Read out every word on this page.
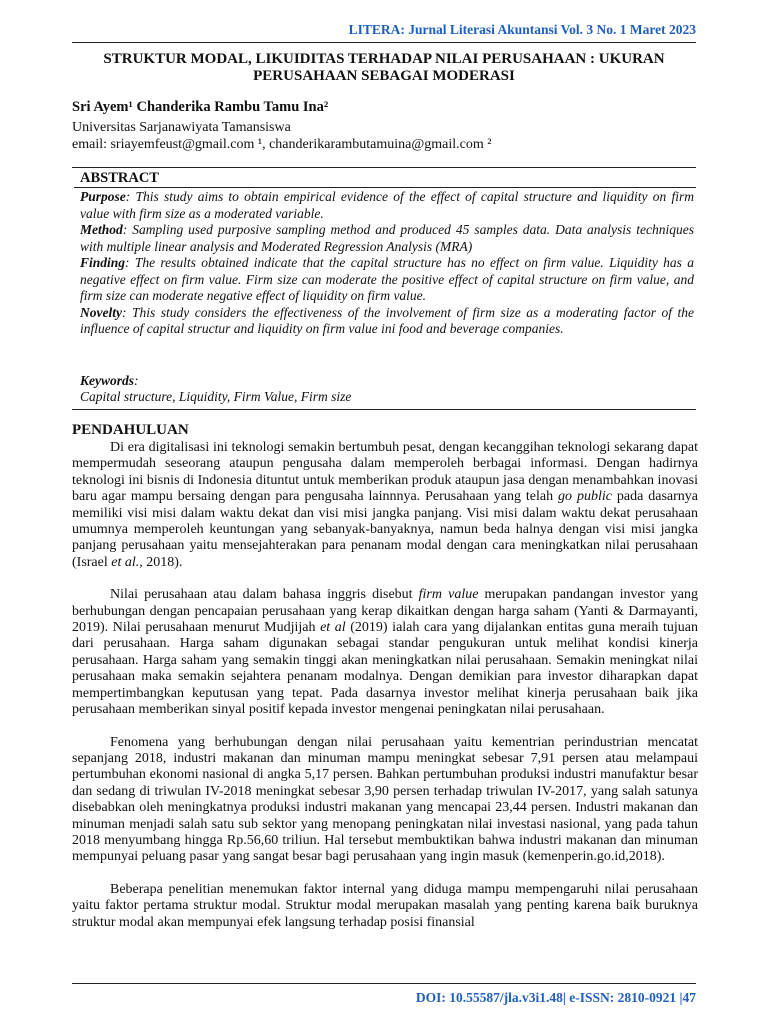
LITERA: Jurnal Literasi Akuntansi Vol. 3 No. 1 Maret 2023
STRUKTUR MODAL, LIKUIDITAS TERHADAP NILAI PERUSAHAAN : UKURAN PERUSAHAAN SEBAGAI MODERASI
Sri Ayem¹ Chanderika Rambu Tamu Ina²
Universitas Sarjanawiyata Tamansiswa
email: sriayemfeust@gmail.com ¹, chanderikarambutamuina@gmail.com ²
ABSTRACT

Purpose: This study aims to obtain empirical evidence of the effect of capital structure and liquidity on firm value with firm size as a moderated variable.

Method: Sampling used purposive sampling method and produced 45 samples data. Data analysis techniques with multiple linear analysis and Moderated Regression Analysis (MRA)

Finding: The results obtained indicate that the capital structure has no effect on firm value. Liquidity has a negative effect on firm value. Firm size can moderate the positive effect of capital structure on firm value, and firm size can moderate negative effect of liquidity on firm value.

Novelty: This study considers the effectiveness of the involvement of firm size as a moderating factor of the influence of capital structur and liquidity on firm value ini food and beverage companies.

Keywords:
Capital structure, Liquidity, Firm Value, Firm size
PENDAHULUAN

Di era digitalisasi ini teknologi semakin bertumbuh pesat, dengan kecanggihan teknologi sekarang dapat mempermudah seseorang ataupun pengusaha dalam memperoleh berbagai informasi. Dengan hadirnya teknologi ini bisnis di Indonesia dituntut untuk memberikan produk ataupun jasa dengan menambahkan inovasi baru agar mampu bersaing dengan para pengusaha lainnnya. Perusahaan yang telah go public pada dasarnya memiliki visi misi dalam waktu dekat dan visi misi jangka panjang. Visi misi dalam waktu dekat perusahaan umumnya memperoleh keuntungan yang sebanyak-banyaknya, namun beda halnya dengan visi misi jangka panjang perusahaan yaitu mensejahterakan para penanam modal dengan cara meningkatkan nilai perusahaan (Israel et al., 2018).

Nilai perusahaan atau dalam bahasa inggris disebut firm value merupakan pandangan investor yang berhubungan dengan pencapaian perusahaan yang kerap dikaitkan dengan harga saham (Yanti & Darmayanti, 2019). Nilai perusahaan menurut Mudjijah et al (2019) ialah cara yang dijalankan entitas guna meraih tujuan dari perusahaan. Harga saham digunakan sebagai standar pengukuran untuk melihat kondisi kinerja perusahaan. Harga saham yang semakin tinggi akan meningkatkan nilai perusahaan. Semakin meningkat nilai perusahaan maka semakin sejahtera penanam modalnya. Dengan demikian para investor diharapkan dapat mempertimbangkan keputusan yang tepat. Pada dasarnya investor melihat kinerja perusahaan baik jika perusahaan memberikan sinyal positif kepada investor mengenai peningkatan nilai perusahaan.

Fenomena yang berhubungan dengan nilai perusahaan yaitu kementrian perindustrian mencatat sepanjang 2018, industri makanan dan minuman mampu meningkat sebesar 7,91 persen atau melampaui pertumbuhan ekonomi nasional di angka 5,17 persen. Bahkan pertumbuhan produksi industri manufaktur besar dan sedang di triwulan IV-2018 meningkat sebesar 3,90 persen terhadap triwulan IV-2017, yang salah satunya disebabkan oleh meningkatnya produksi industri makanan yang mencapai 23,44 persen. Industri makanan dan minuman menjadi salah satu sub sektor yang menopang peningkatan nilai investasi nasional, yang pada tahun 2018 menyumbang hingga Rp.56,60 triliun. Hal tersebut membuktikan bahwa industri makanan dan minuman mempunyai peluang pasar yang sangat besar bagi perusahaan yang ingin masuk (kemenperin.go.id,2018).

Beberapa penelitian menemukan faktor internal yang diduga mampu mempengaruhi nilai perusahaan yaitu faktor pertama struktur modal. Struktur modal merupakan masalah yang penting karena baik buruknya struktur modal akan mempunyai efek langsung terhadap posisi finansial

DOI: 10.55587/jla.v3i1.48| e-ISSN: 2810-0921 |47
